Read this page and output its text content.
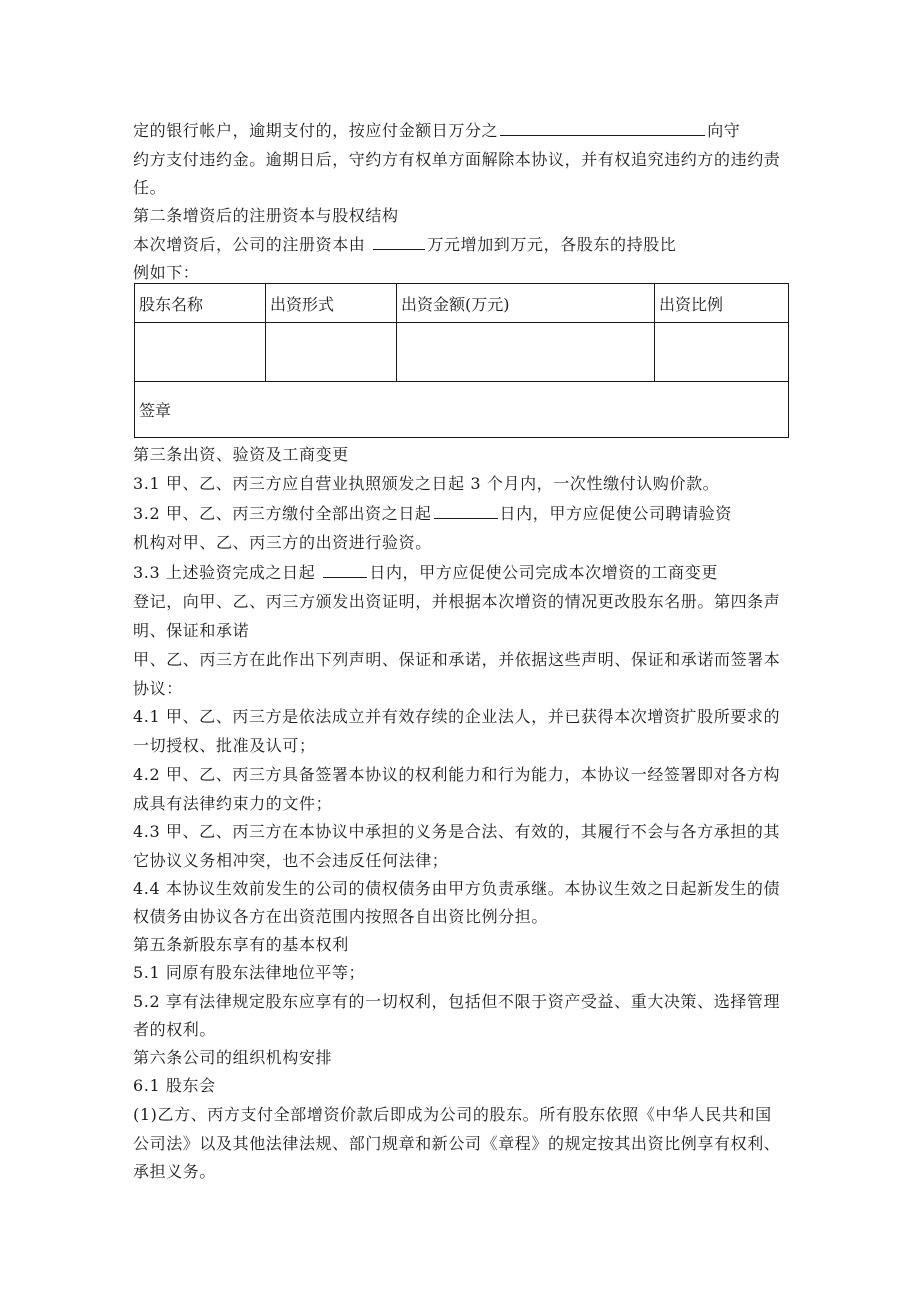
定的银行帐户，逾期支付的，按应付金额日万分之	向守
约方支付违约金。逾期日后，守约方有权单方面解除本协议，并有权追究违约方的违约责
任。
第二条增资后的注册资本与股权结构
本次增资后，公司的注册资本由	万元增加到万元，各股东的持股比
例如下：
股东名称	出资形式	出资金额(万元)	出资比例

签章			
第三条出资、验资及工商变更
3.1 甲、乙、丙三方应自营业执照颁发之日起 3 个月内，一次性缴付认购价款。
3.2 甲、乙、丙三方缴付全部出资之日起	日内，甲方应促使公司聘请验资
机构对甲、乙、丙三方的出资进行验资。
3.3 上述验资完成之日起	日内，甲方应促使公司完成本次增资的工商变更
登记，向甲、乙、丙三方颁发出资证明，并根据本次增资的情况更改股东名册。第四条声
明、保证和承诺
甲、乙、丙三方在此作出下列声明、保证和承诺，并依据这些声明、保证和承诺而签署本
协议：
4.1 甲、乙、丙三方是依法成立并有效存续的企业法人，并已获得本次增资扩股所要求的
一切授权、批准及认可；
4.2 甲、乙、丙三方具备签署本协议的权利能力和行为能力，本协议一经签署即对各方构
成具有法律约束力的文件；
4.3 甲、乙、丙三方在本协议中承担的义务是合法、有效的，其履行不会与各方承担的其
它协议义务相冲突，也不会违反任何法律；
4.4 本协议生效前发生的公司的债权债务由甲方负责承继。本协议生效之日起新发生的债
权债务由协议各方在出资范围内按照各自出资比例分担。
第五条新股东享有的基本权利
5.1 同原有股东法律地位平等；
5.2 享有法律规定股东应享有的一切权利，包括但不限于资产受益、重大决策、选择管理
者的权利。
第六条公司的组织机构安排
6.1 股东会
(1)乙方、丙方支付全部增资价款后即成为公司的股东。所有股东依照《中华人民共和国
公司法》以及其他法律法规、部门规章和新公司《章程》的规定按其出资比例享有权利、
承担义务。
